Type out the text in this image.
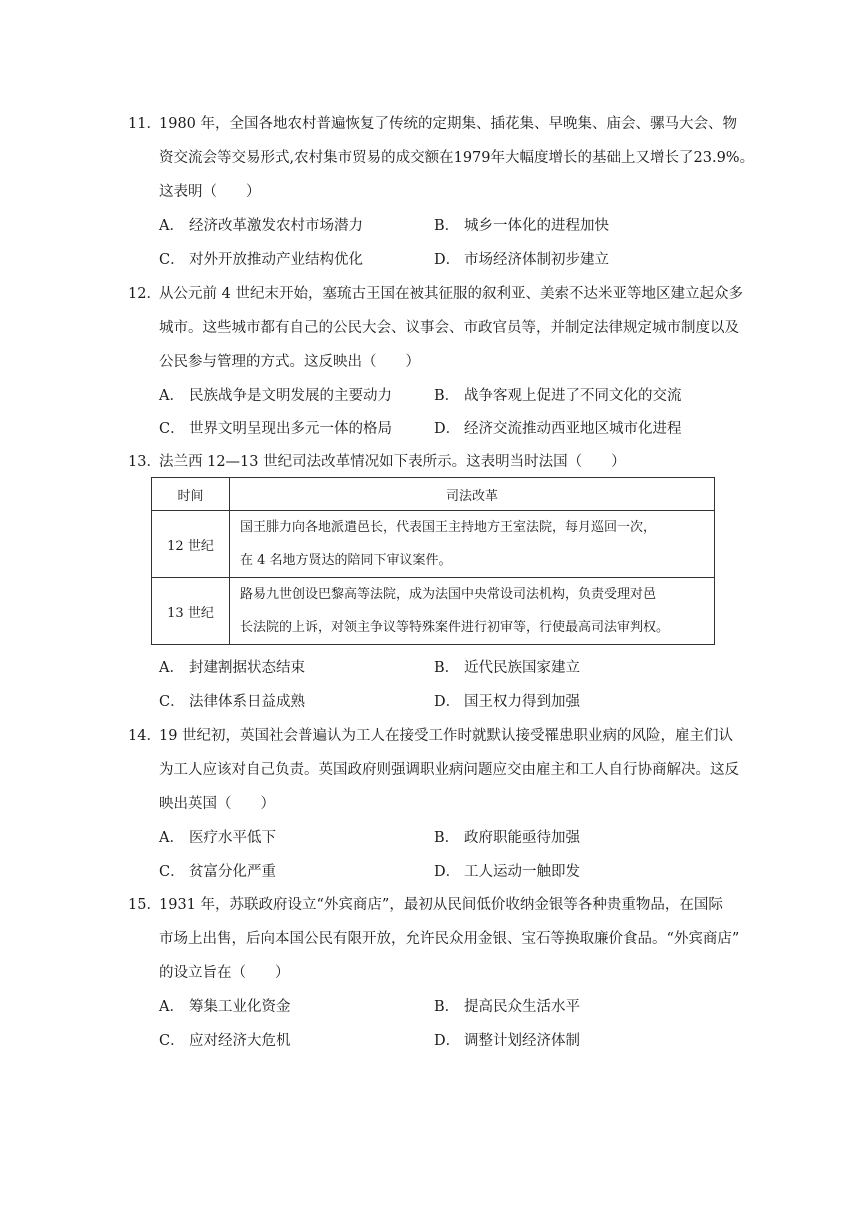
11．
1980 年，全国各地农村普遍恢复了传统的定期集、插花集、早晚集、庙会、骡马大会、物
资交流会等交易形式,农村集市贸易的成交额在1979年大幅度增长的基础上又增长了23.9%。
这表明（　　）
A． 经济改革激发农村市场潜力	B． 城乡一体化的进程加快
C． 对外开放推动产业结构优化	D． 市场经济体制初步建立
12．
从公元前 4 世纪末开始，塞琉古王国在被其征服的叙利亚、美索不达米亚等地区建立起众多
城市。这些城市都有自己的公民大会、议事会、市政官员等，并制定法律规定城市制度以及
公民参与管理的方式。这反映出（　　）
A． 民族战争是文明发展的主要动力	B． 战争客观上促进了不同文化的交流
C． 世界文明呈现出多元一体的格局	D． 经济交流推动西亚地区城市化进程
13．
法兰西 12—13 世纪司法改革情况如下表所示。这表明当时法国（　　）
时间	司法改革
12 世纪	国王腓力向各地派遣邑长，代表国王主持地方王室法院，每月巡回一次，
在 4 名地方贤达的陪同下审议案件。

13 世纪	路易九世创设巴黎高等法院，成为法国中央常设司法机构，负责受理对邑
长法院的上诉，对领主争议等特殊案件进行初审等，行使最高司法审判权。
A． 封建割据状态结束	B． 近代民族国家建立
C． 法律体系日益成熟	D． 国王权力得到加强
14．
19 世纪初，英国社会普遍认为工人在接受工作时就默认接受罹患职业病的风险，雇主们认
为工人应该对自己负责。英国政府则强调职业病问题应交由雇主和工人自行协商解决。这反
映出英国（　　）
A． 医疗水平低下	B． 政府职能亟待加强
C． 贫富分化严重	D． 工人运动一触即发
15．
1931 年，苏联政府设立“外宾商店”，最初从民间低价收纳金银等各种贵重物品，在国际
市场上出售，后向本国公民有限开放，允许民众用金银、宝石等换取廉价食品。“外宾商店”
的设立旨在（　　）
A． 筹集工业化资金	B． 提高民众生活水平
C． 应对经济大危机	D． 调整计划经济体制
